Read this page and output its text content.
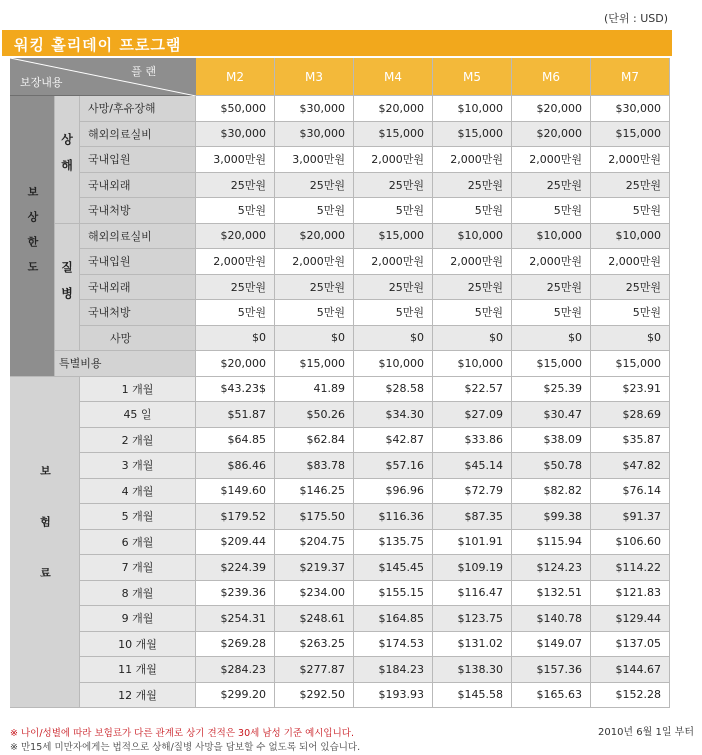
(단위 : USD)
워킹 홀리데이 프로그램
보장내용
플 랜	M2	M3	M4	M5	M6	M7
보상한도
상해
질병
보험료
사망/후유장해	$50,000	$30,000	$20,000	$10,000	$20,000	$30,000
해외의료실비	$30,000	$30,000	$15,000	$15,000	$20,000	$15,000
국내입원	3,000만원	3,000만원	2,000만원	2,000만원	2,000만원	2,000만원
국내외래	25만원	25만원	25만원	25만원	25만원	25만원
국내처방	5만원	5만원	5만원	5만원	5만원	5만원
해외의료실비	$20,000	$20,000	$15,000	$10,000	$10,000	$10,000
국내입원	2,000만원	2,000만원	2,000만원	2,000만원	2,000만원	2,000만원
국내외래	25만원	25만원	25만원	25만원	25만원	25만원
국내처방	5만원	5만원	5만원	5만원	5만원	5만원
사망	$0	$0	$0	$0	$0	$0
특별비용	$20,000	$15,000	$10,000	$10,000	$15,000	$15,000
1 개월	$43.23$	41.89	$28.58	$22.57	$25.39	$23.91
45 일	$51.87	$50.26	$34.30	$27.09	$30.47	$28.69
2 개월	$64.85	$62.84	$42.87	$33.86	$38.09	$35.87
3 개월	$86.46	$83.78	$57.16	$45.14	$50.78	$47.82
4 개월	$149.60	$146.25	$96.96	$72.79	$82.82	$76.14
5 개월	$179.52	$175.50	$116.36	$87.35	$99.38	$91.37
6 개월	$209.44	$204.75	$135.75	$101.91	$115.94	$106.60
7 개월	$224.39	$219.37	$145.45	$109.19	$124.23	$114.22
8 개월	$239.36	$234.00	$155.15	$116.47	$132.51	$121.83
9 개월	$254.31	$248.61	$164.85	$123.75	$140.78	$129.44
10 개월	$269.28	$263.25	$174.53	$131.02	$149.07	$137.05
11 개월	$284.23	$277.87	$184.23	$138.30	$157.36	$144.67
12 개월	$299.20	$292.50	$193.93	$145.58	$165.63	$152.28
※ 나이/성별에 따라 보험료가 다른 관계로 상기 견적은 30세 남성 기준 예시입니다.
※ 만15세 미만자에게는 법적으로 상해/질병 사망을 담보할 수 없도록 되어 있습니다.
2010년 6월 1일 부터
